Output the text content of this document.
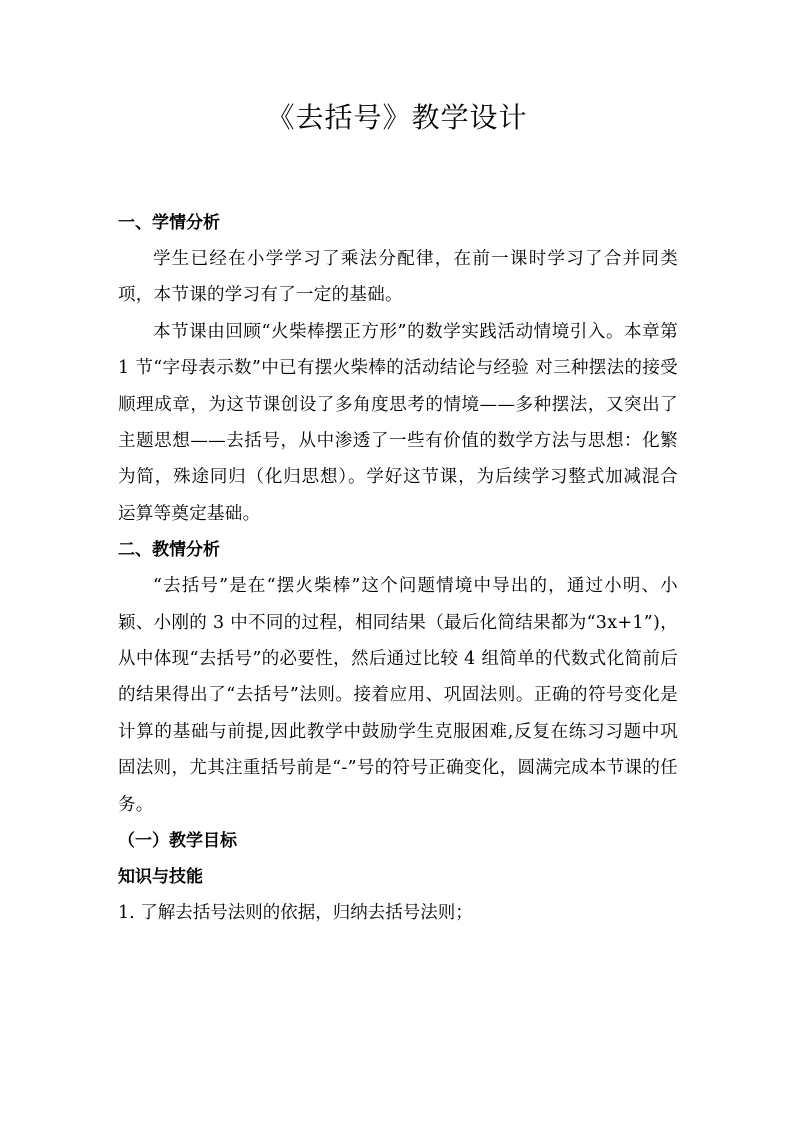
《去括号》教学设计

一、学情分析

学生已经在小学学习了乘法分配律，在前一课时学习了合并同类项，本节课的学习有了一定的基础。

本节课由回顾“火柴棒摆正方形”的数学实践活动情境引入。本章第 1 节“字母表示数”中已有摆火柴棒的活动结论与经验 对三种摆法的接受顺理成章，为这节课创设了多角度思考的情境——多种摆法，又突出了主题思想——去括号，从中渗透了一些有价值的数学方法与思想：化繁为简，殊途同归（化归思想）。学好这节课，为后续学习整式加减混合运算等奠定基础。

二、教情分析

“去括号”是在“摆火柴棒”这个问题情境中导出的，通过小明、小颖、小刚的 3 中不同的过程，相同结果（最后化简结果都为“3x+1”)，从中体现“去括号”的必要性，然后通过比较 4 组简单的代数式化简前后的结果得出了“去括号”法则。接着应用、巩固法则。正确的符号变化是计算的基础与前提,因此教学中鼓励学生克服困难,反复在练习习题中巩固法则，尤其注重括号前是“-”号的符号正确变化，圆满完成本节课的任务。

（一）教学目标

知识与技能

1. 了解去括号法则的依据，归纳去括号法则；
